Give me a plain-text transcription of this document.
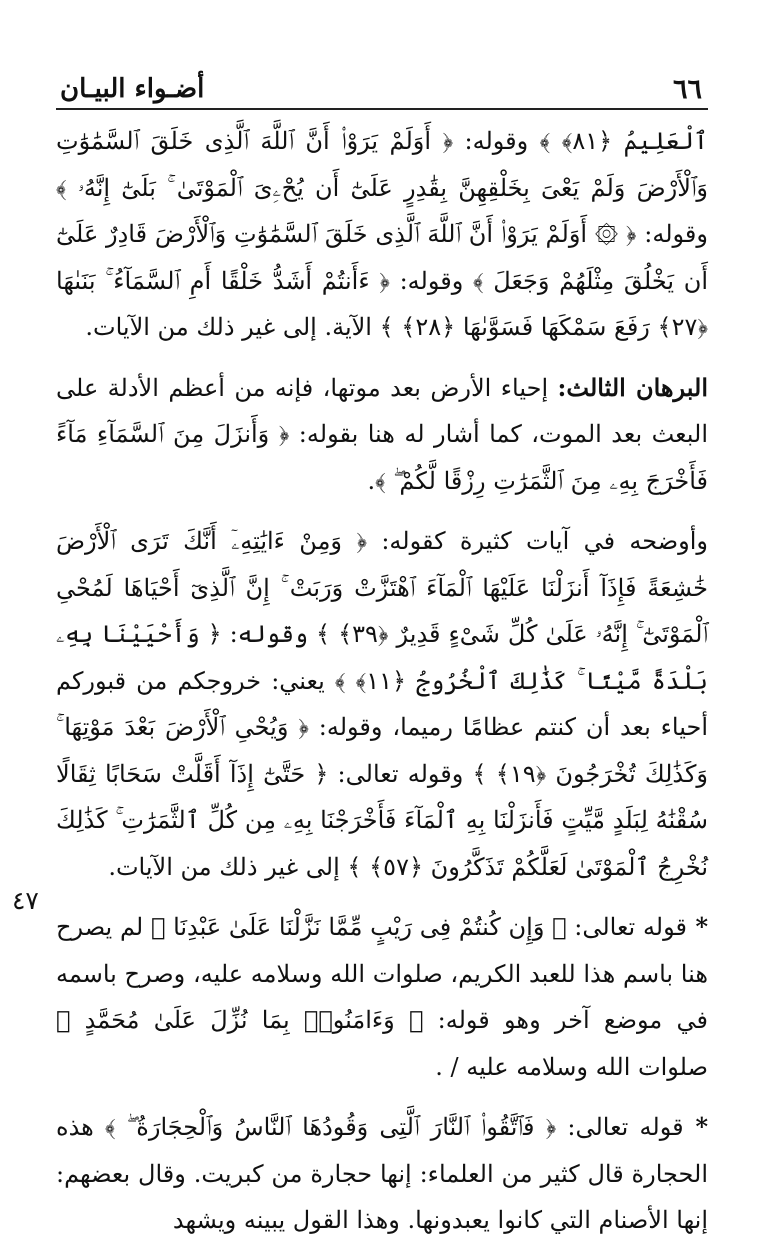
٦٦
أضـواء البيـان

ٱلْعَلِيمُ ﴿٨١﴾ ﴾ وقوله: ﴿ أَوَلَمْ يَرَوْا۟ أَنَّ ٱللَّهَ ٱلَّذِى خَلَقَ ٱلسَّمَٰوَٰتِ وَٱلْأَرْضَ وَلَمْ يَعْىَ بِخَلْقِهِنَّ بِقَٰدِرٍ عَلَىٰٓ أَن يُحْۦِىَ ٱلْمَوْتَىٰ ۚ بَلَىٰٓ إِنَّهُۥ ﴾ وقوله: ﴿ ۞ أَوَلَمْ يَرَوْا۟ أَنَّ ٱللَّهَ ٱلَّذِى خَلَقَ ٱلسَّمَٰوَٰتِ وَٱلْأَرْضَ قَادِرٌ عَلَىٰٓ أَن يَخْلُقَ مِثْلَهُمْ وَجَعَلَ ﴾ وقوله: ﴿ ءَأَنتُمْ أَشَدُّ خَلْقًا أَمِ ٱلسَّمَآءُ ۚ بَنَىٰهَا ﴿٢٧﴾ رَفَعَ سَمْكَهَا فَسَوَّىٰهَا ﴿٢٨﴾ ﴾ الآية. إلى غير ذلك من الآيات.

البرهان الثالث: إحياء الأرض بعد موتها، فإنه من أعظم الأدلة على البعث بعد الموت، كما أشار له هنا بقوله: ﴿ وَأَنزَلَ مِنَ ٱلسَّمَآءِ مَآءً فَأَخْرَجَ بِهِۦ مِنَ ٱلثَّمَرَٰتِ رِزْقًا لَّكُمْ ۖ ﴾.

وأوضحه في آيات كثيرة كقوله: ﴿ وَمِنْ ءَايَٰتِهِۦٓ أَنَّكَ تَرَى ٱلْأَرْضَ خَٰشِعَةً فَإِذَآ أَنزَلْنَا عَلَيْهَا ٱلْمَآءَ ٱهْتَزَّتْ وَرَبَتْ ۚ إِنَّ ٱلَّذِىٓ أَحْيَاهَا لَمُحْىِ ٱلْمَوْتَىٰٓ ۚ إِنَّهُۥ عَلَىٰ كُلِّ شَىْءٍ قَدِيرٌ ﴿٣٩﴾ ﴾ وقوله: ﴿ وَأَحْيَيْنَا بِهِۦ بَلْدَةً مَّيْتًا ۚ كَذَٰلِكَ ٱلْخُرُوجُ ﴿١١﴾ ﴾ يعني: خروجكم من قبوركم أحياء بعد أن كنتم عظامًا رميما، وقوله: ﴿ وَيُحْىِ ٱلْأَرْضَ بَعْدَ مَوْتِهَا ۚ وَكَذَٰلِكَ تُخْرَجُونَ ﴿١٩﴾ ﴾ وقوله تعالى: ﴿ حَتَّىٰٓ إِذَآ أَقَلَّتْ سَحَابًا ثِقَالًا سُقْنَٰهُ لِبَلَدٍ مَّيِّتٍ فَأَنزَلْنَا بِهِ ٱلْمَآءَ فَأَخْرَجْنَا بِهِۦ مِن كُلِّ ٱلثَّمَرَٰتِ ۚ كَذَٰلِكَ نُخْرِجُ ٱلْمَوْتَىٰ لَعَلَّكُمْ تَذَكَّرُونَ ﴿٥٧﴾ ﴾ إلى غير ذلك من الآيات.

* قوله تعالى: ﴿ وَإِن كُنتُمْ فِى رَيْبٍ مِّمَّا نَزَّلْنَا عَلَىٰ عَبْدِنَا ﴾ لم يصرح هنا باسم هذا للعبد الكريم، صلوات الله وسلامه عليه، وصرح باسمه في موضع آخر وهو قوله: ﴿ وَءَامَنُوا۟ بِمَا نُزِّلَ عَلَىٰ مُحَمَّدٍ ﴾ صلوات الله وسلامه عليه / .

* قوله تعالى: ﴿ فَٱتَّقُوا۟ ٱلنَّارَ ٱلَّتِى وَقُودُهَا ٱلنَّاسُ وَٱلْحِجَارَةُ ۖ ﴾ هذه الحجارة قال كثير من العلماء: إنها حجارة من كبريت. وقال بعضهم: إنها الأصنام التي كانوا يعبدونها. وهذا القول يبينه ويشهد

٤٧
